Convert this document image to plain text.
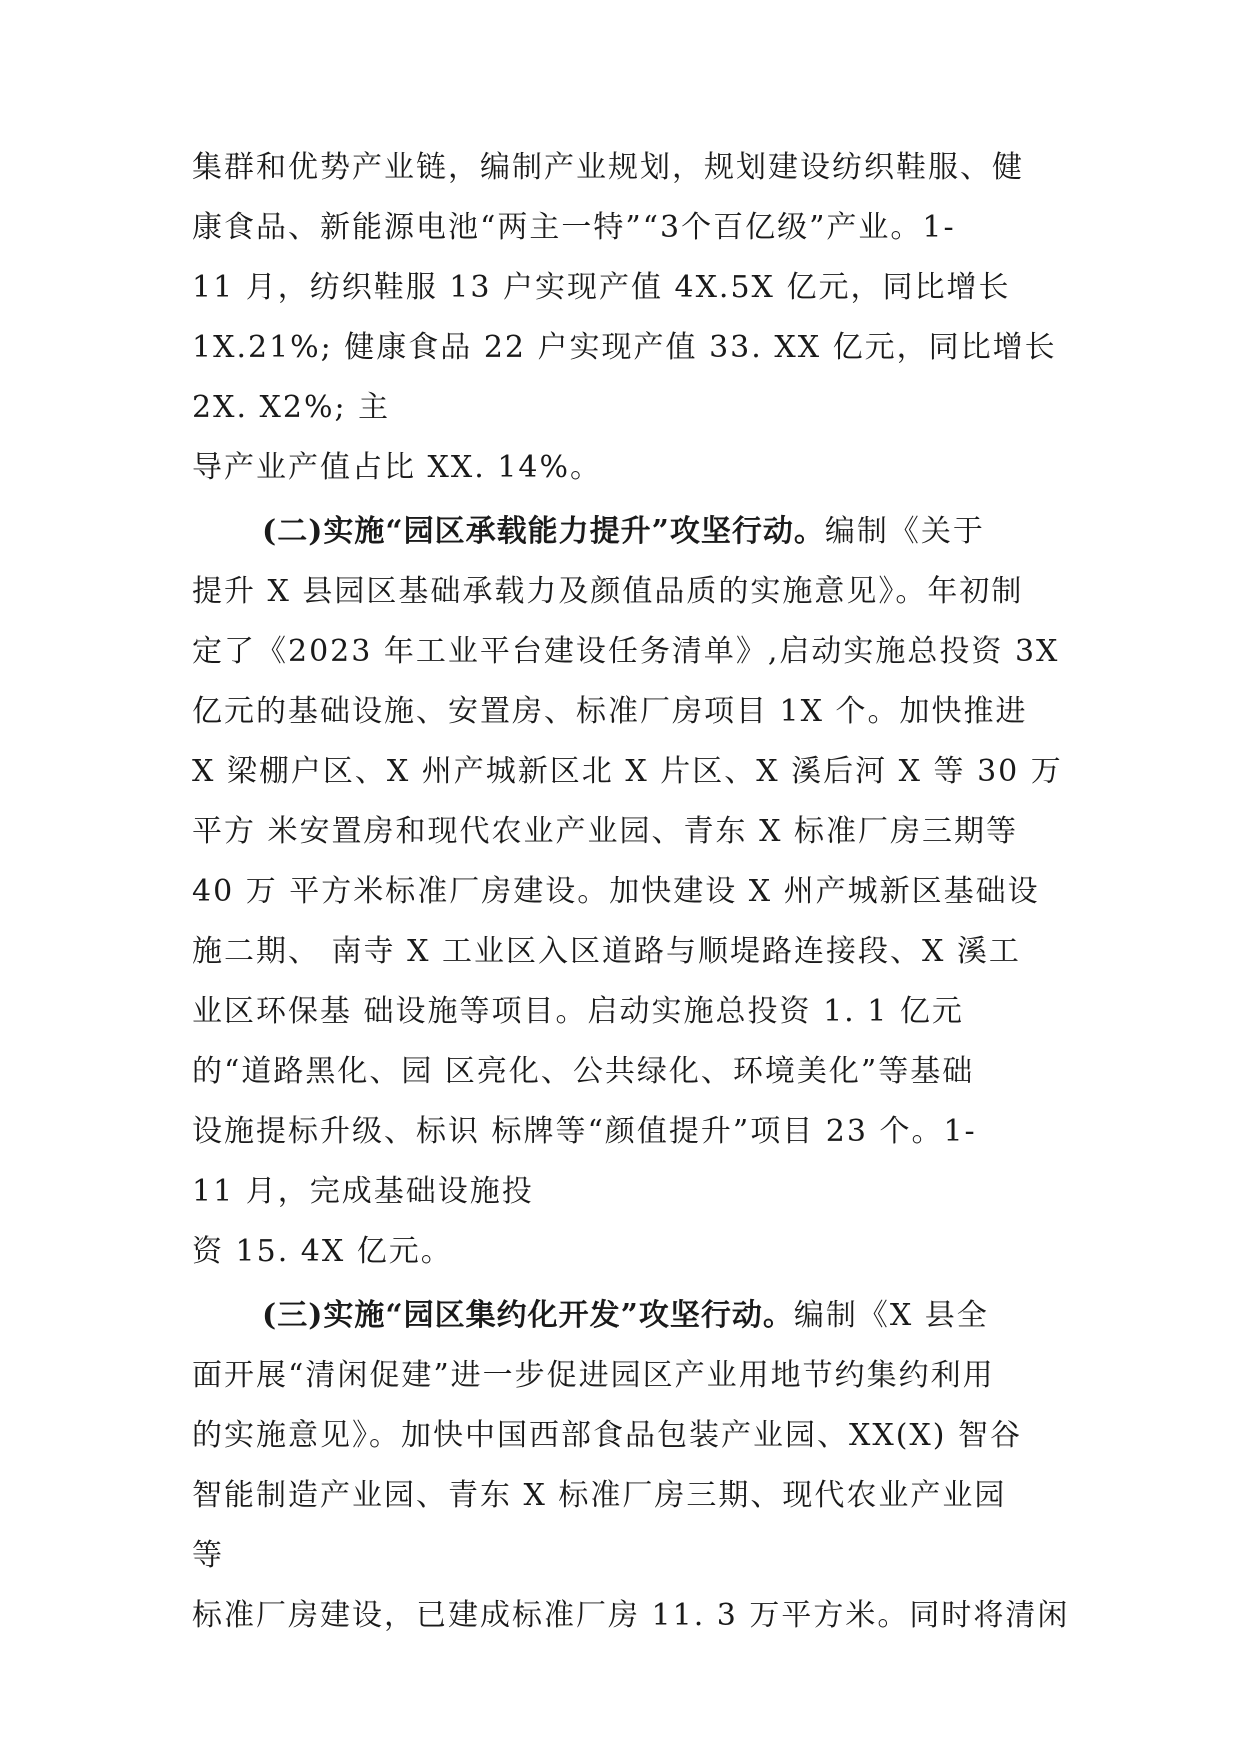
集群和优势产业链，编制产业规划，规划建设纺织鞋服、健
康食品、新能源电池“两主一特”“3个百亿级”产业。1-
11 月，纺织鞋服 13 户实现产值 4X.5X 亿元，同比增长
1X.21%; 健康食品 22 户实现产值 33. XX 亿元，同比增长
2X. X2%; 主
导产业产值占比 XX. 14%。
(二)实施“园区承载能力提升”攻坚行动。编制《关于
提升 X 县园区基础承载力及颜值品质的实施意见》。年初制
定了《2023 年工业平台建设任务清单》,启动实施总投资 3X
亿元的基础设施、安置房、标准厂房项目 1X 个。加快推进
X 梁棚户区、X 州产城新区北 X 片区、X 溪后河 X 等 30 万
平方 米安置房和现代农业产业园、青东 X 标准厂房三期等
40 万 平方米标准厂房建设。加快建设 X 州产城新区基础设
施二期、 南寺 X 工业区入区道路与顺堤路连接段、X 溪工
业区环保基 础设施等项目。启动实施总投资 1. 1 亿元
的“道路黑化、园 区亮化、公共绿化、环境美化”等基础
设施提标升级、标识 标牌等“颜值提升”项目 23 个。1-
11 月，完成基础设施投
资 15. 4X 亿元。
(三)实施“园区集约化开发”攻坚行动。编制《X 县全
面开展“清闲促建”进一步促进园区产业用地节约集约利用
的实施意见》。加快中国西部食品包装产业园、XX(X) 智谷
智能制造产业园、青东 X 标准厂房三期、现代农业产业园
等
标准厂房建设，已建成标准厂房 11. 3 万平方米。同时将清闲
